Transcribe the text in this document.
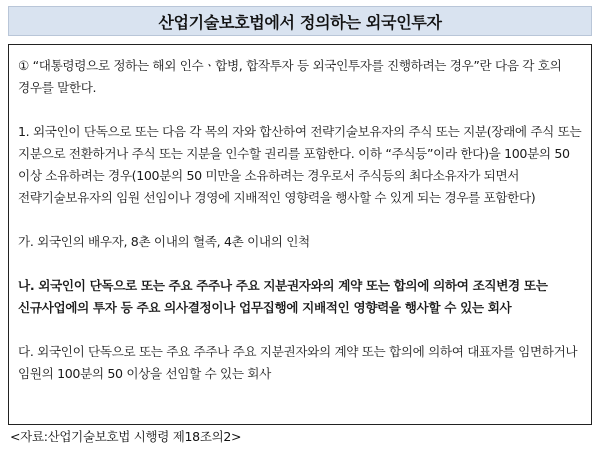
산업기술보호법에서 정의하는 외국인투자

① “대통령령으로 정하는 해외 인수ㆍ합병, 합작투자 등 외국인투자를 진행하려는 경우”란 다음 각 호의 경우를 말한다.

1. 외국인이 단독으로 또는 다음 각 목의 자와 합산하여 전략기술보유자의 주식 또는 지분(장래에 주식 또는 지분으로 전환하거나 주식 또는 지분을 인수할 권리를 포함한다. 이하 “주식등”이라 한다)을 100분의 50 이상 소유하려는 경우(100분의 50 미만을 소유하려는 경우로서 주식등의 최다소유자가 되면서 전략기술보유자의 임원 선임이나 경영에 지배적인 영향력을 행사할 수 있게 되는 경우를 포함한다)

가. 외국인의 배우자, 8촌 이내의 혈족, 4촌 이내의 인척

나. 외국인이 단독으로 또는 주요 주주나 주요 지분권자와의 계약 또는 합의에 의하여 조직변경 또는 신규사업에의 투자 등 주요 의사결정이나 업무집행에 지배적인 영향력을 행사할 수 있는 회사

다. 외국인이 단독으로 또는 주요 주주나 주요 지분권자와의 계약 또는 합의에 의하여 대표자를 임면하거나 임원의 100분의 50 이상을 선임할 수 있는 회사

<자료:산업기술보호법 시행령 제18조의2>
